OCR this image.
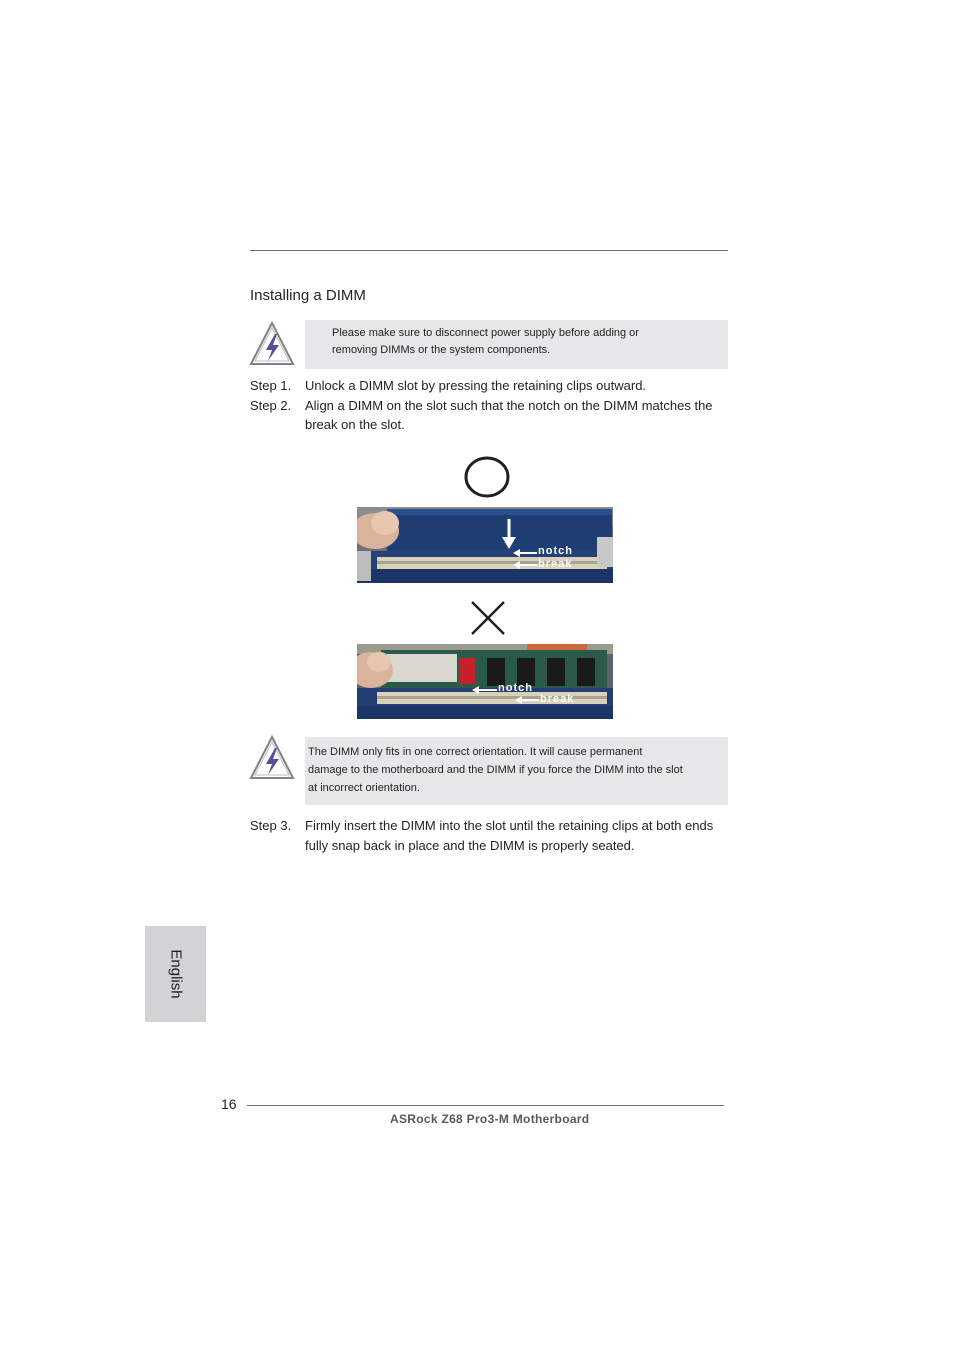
Installing a DIMM
Please make sure to disconnect power supply before adding or
removing DIMMs or the system components.
Step 1. Unlock a DIMM slot by pressing the retaining clips outward.
Step 2. Align a DIMM on the slot such that the notch on the DIMM matches the
break on the slot.
notch
break
notch
break
The DIMM only fits in one correct orientation. It will cause permanent
damage to the motherboard and the DIMM if you force the DIMM into the slot
at incorrect orientation.
Step 3. Firmly insert the DIMM into the slot until the retaining clips at both ends
fully snap back in place and the DIMM is properly seated.
English
16
ASRock Z68 Pro3-M Motherboard
